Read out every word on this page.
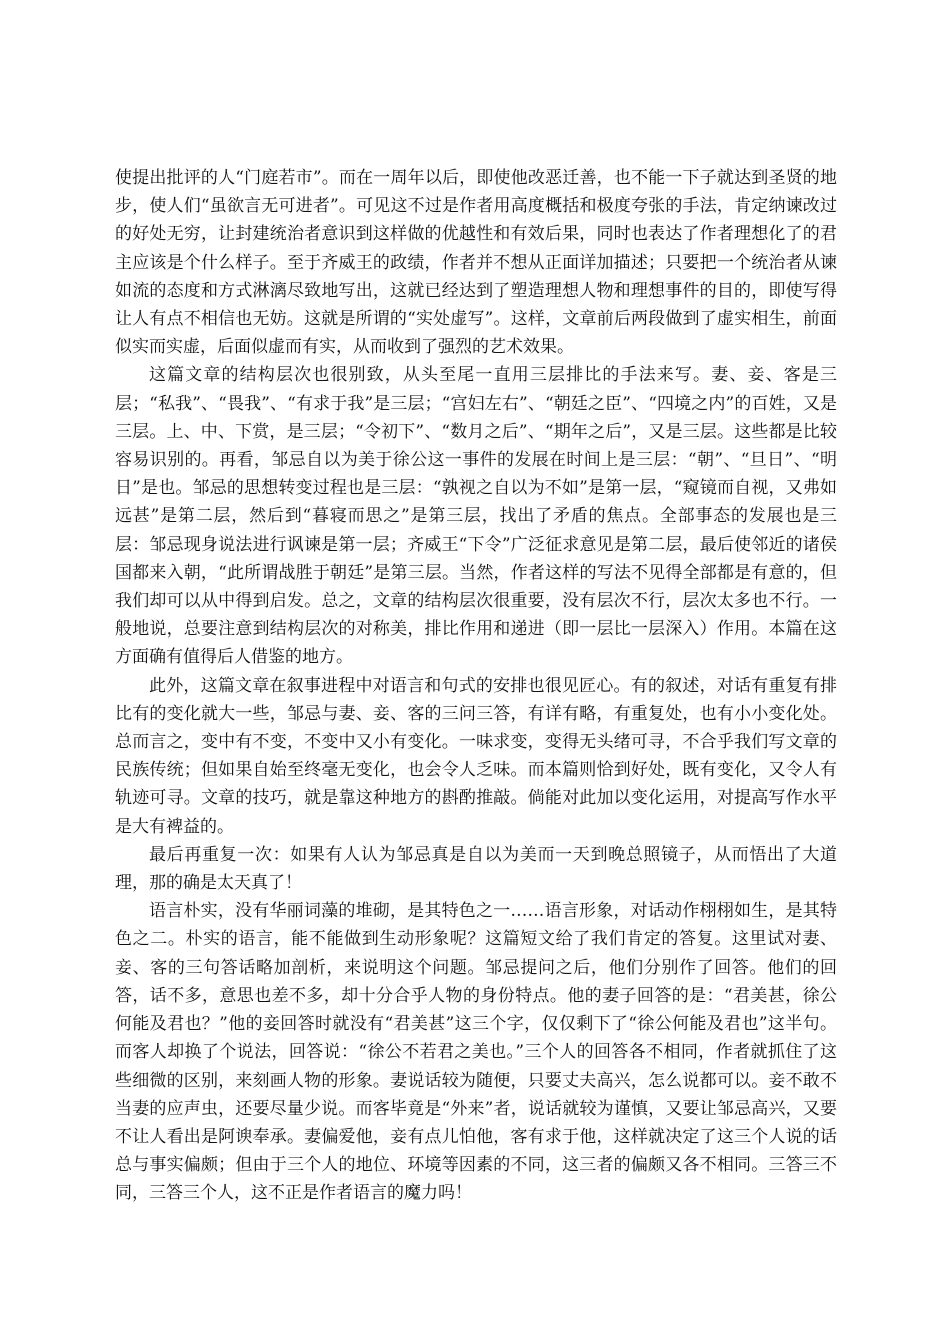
使提出批评的人“门庭若市”。而在一周年以后，即使他改恶迁善，也不能一下子就达到圣贤的地步，使人们“虽欲言无可进者”。可见这不过是作者用高度概括和极度夸张的手法，肯定纳谏改过的好处无穷，让封建统治者意识到这样做的优越性和有效后果，同时也表达了作者理想化了的君主应该是个什么样子。至于齐威王的政绩，作者并不想从正面详加描述；只要把一个统治者从谏如流的态度和方式淋漓尽致地写出，这就已经达到了塑造理想人物和理想事件的目的，即使写得让人有点不相信也无妨。这就是所谓的“实处虚写”。这样，文章前后两段做到了虚实相生，前面似实而实虚，后面似虚而有实，从而收到了强烈的艺术效果。

这篇文章的结构层次也很别致，从头至尾一直用三层排比的手法来写。妻、妾、客是三层；“私我”、“畏我”、“有求于我”是三层；“宫妇左右”、“朝廷之臣”、“四境之内”的百姓，又是三层。上、中、下赏，是三层；“令初下”、“数月之后”、“期年之后”，又是三层。这些都是比较容易识别的。再看，邹忌自以为美于徐公这一事件的发展在时间上是三层：“朝”、“旦日”、“明日”是也。邹忌的思想转变过程也是三层：“孰视之自以为不如”是第一层，“窥镜而自视，又弗如远甚”是第二层，然后到“暮寝而思之”是第三层，找出了矛盾的焦点。全部事态的发展也是三层：邹忌现身说法进行讽谏是第一层；齐威王“下令”广泛征求意见是第二层，最后使邻近的诸侯国都来入朝，“此所谓战胜于朝廷”是第三层。当然，作者这样的写法不见得全部都是有意的，但我们却可以从中得到启发。总之，文章的结构层次很重要，没有层次不行，层次太多也不行。一般地说，总要注意到结构层次的对称美，排比作用和递进（即一层比一层深入）作用。本篇在这方面确有值得后人借鉴的地方。

此外，这篇文章在叙事进程中对语言和句式的安排也很见匠心。有的叙述，对话有重复有排比有的变化就大一些，邹忌与妻、妾、客的三问三答，有详有略，有重复处，也有小小变化处。总而言之，变中有不变，不变中又小有变化。一味求变，变得无头绪可寻，不合乎我们写文章的民族传统；但如果自始至终毫无变化，也会令人乏味。而本篇则恰到好处，既有变化，又令人有轨迹可寻。文章的技巧，就是靠这种地方的斟酌推敲。倘能对此加以变化运用，对提高写作水平是大有裨益的。

最后再重复一次：如果有人认为邹忌真是自以为美而一天到晚总照镜子，从而悟出了大道理，那的确是太天真了！

语言朴实，没有华丽词藻的堆砌，是其特色之一……语言形象，对话动作栩栩如生，是其特色之二。朴实的语言，能不能做到生动形象呢？这篇短文给了我们肯定的答复。这里试对妻、妾、客的三句答话略加剖析，来说明这个问题。邹忌提问之后，他们分别作了回答。他们的回答，话不多，意思也差不多，却十分合乎人物的身份特点。他的妻子回答的是：“君美甚，徐公何能及君也？”他的妾回答时就没有“君美甚”这三个字，仅仅剩下了“徐公何能及君也”这半句。而客人却换了个说法，回答说：“徐公不若君之美也。”三个人的回答各不相同，作者就抓住了这些细微的区别，来刻画人物的形象。妻说话较为随便，只要丈夫高兴，怎么说都可以。妾不敢不当妻的应声虫，还要尽量少说。而客毕竟是“外来”者，说话就较为谨慎，又要让邹忌高兴，又要不让人看出是阿谀奉承。妻偏爱他，妾有点儿怕他，客有求于他，这样就决定了这三个人说的话总与事实偏颇；但由于三个人的地位、环境等因素的不同，这三者的偏颇又各不相同。三答三不同，三答三个人，这不正是作者语言的魔力吗！
